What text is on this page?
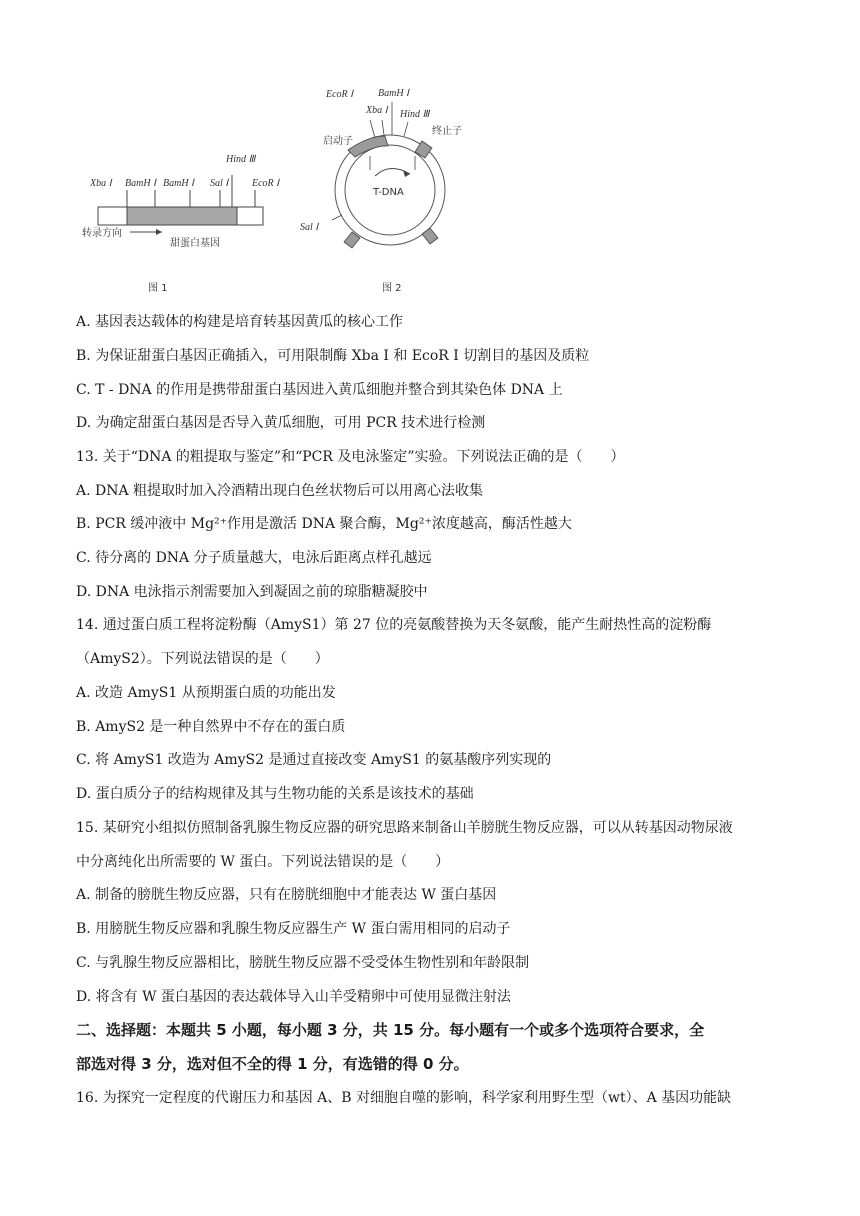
Xba Ⅰ BamH Ⅰ BamH Ⅰ Sal Ⅰ
Hind Ⅲ
EcoR Ⅰ
转录方向
甜蛋白基因
图 1
T-DNA
EcoR Ⅰ BamH Ⅰ
Xba Ⅰ Hind Ⅲ
Sal Ⅰ
启动子
终止子
图 2
A. 基因表达载体的构建是培育转基因黄瓜的核心工作
B. 为保证甜蛋白基因正确插入，可用限制酶 Xba I 和 EcoR I 切割目的基因及质粒
C. T - DNA 的作用是携带甜蛋白基因进入黄瓜细胞并整合到其染色体 DNA 上
D. 为确定甜蛋白基因是否导入黄瓜细胞，可用 PCR 技术进行检测
13. 关于“DNA 的粗提取与鉴定”和“PCR 及电泳鉴定”实验。下列说法正确的是（　　）
A. DNA 粗提取时加入冷酒精出现白色丝状物后可以用离心法收集
B. PCR 缓冲液中 Mg²⁺作用是激活 DNA 聚合酶，Mg²⁺浓度越高，酶活性越大
C. 待分离的 DNA 分子质量越大，电泳后距离点样孔越远
D. DNA 电泳指示剂需要加入到凝固之前的琼脂糖凝胶中
14. 通过蛋白质工程将淀粉酶（AmyS1）第 27 位的亮氨酸替换为天冬氨酸，能产生耐热性高的淀粉酶
（AmyS2）。下列说法错误的是（　　）
A. 改造 AmyS1 从预期蛋白质的功能出发
B. AmyS2 是一种自然界中不存在的蛋白质
C. 将 AmyS1 改造为 AmyS2 是通过直接改变 AmyS1 的氨基酸序列实现的
D. 蛋白质分子的结构规律及其与生物功能的关系是该技术的基础
15. 某研究小组拟仿照制备乳腺生物反应器的研究思路来制备山羊膀胱生物反应器，可以从转基因动物尿液
中分离纯化出所需要的 W 蛋白。下列说法错误的是（　　）
A. 制备的膀胱生物反应器，只有在膀胱细胞中才能表达 W 蛋白基因
B. 用膀胱生物反应器和乳腺生物反应器生产 W 蛋白需用相同的启动子
C. 与乳腺生物反应器相比，膀胱生物反应器不受受体生物性别和年龄限制
D. 将含有 W 蛋白基因的表达载体导入山羊受精卵中可使用显微注射法
二、选择题：本题共 5 小题，每小题 3 分，共 15 分。每小题有一个或多个选项符合要求，全
部选对得 3 分，选对但不全的得 1 分，有选错的得 0 分。
16. 为探究一定程度的代谢压力和基因 A、B 对细胞自噬的影响，科学家利用野生型（wt）、A 基因功能缺
